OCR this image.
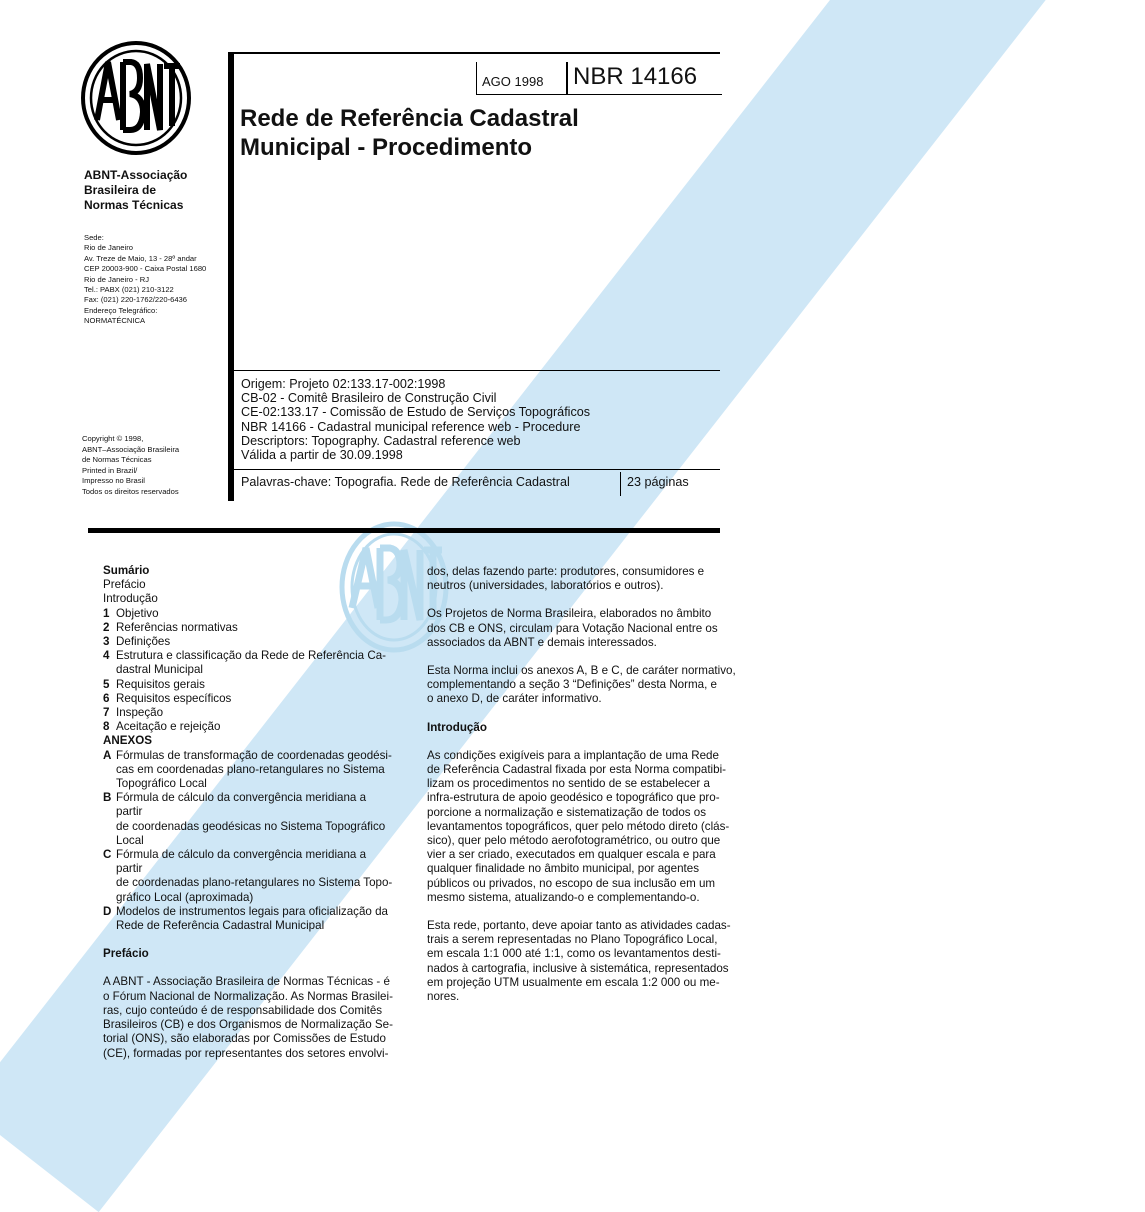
ABNT-Associação
Brasileira de
Normas Técnicas
Sede:
Rio de Janeiro
Av. Treze de Maio, 13 - 28º andar
CEP 20003-900 - Caixa Postal 1680
Rio de Janeiro - RJ
Tel.: PABX (021) 210-3122
Fax: (021) 220-1762/220-6436
Endereço Telegráfico:
NORMATÉCNICA
Copyright © 1998,
ABNT–Associação Brasileira
de Normas Técnicas
Printed in Brazil/
Impresso no Brasil
Todos os direitos reservados
AGO 1998 NBR 14166
Rede de Referência Cadastral
Municipal - Procedimento
Origem: Projeto 02:133.17-002:1998
CB-02 - Comitê Brasileiro de Construção Civil
CE-02:133.17 - Comissão de Estudo de Serviços Topográficos
NBR 14166 - Cadastral municipal reference web - Procedure
Descriptors: Topography. Cadastral reference web
Válida a partir de 30.09.1998
Palavras-chave: Topografia. Rede de Referência Cadastral	23 páginas
Sumário
Prefácio
Introdução
1 Objetivo
2 Referências normativas
3 Definições
4 Estrutura e classificação da Rede de Referência Ca-
dastral Municipal
5 Requisitos gerais
6 Requisitos específicos
7 Inspeção
8 Aceitação e rejeição
ANEXOS
A Fórmulas de transformação de coordenadas geodési-
cas em coordenadas plano-retangulares no Sistema
Topográfico Local
B Fórmula de cálculo da convergência meridiana a partir
de coordenadas geodésicas no Sistema Topográfico
Local
C Fórmula de cálculo da convergência meridiana a partir
de coordenadas plano-retangulares no Sistema Topo-
gráfico Local (aproximada)
D Modelos de instrumentos legais para oficialização da
Rede de Referência Cadastral Municipal
Prefácio
A ABNT - Associação Brasileira de Normas Técnicas - é
o Fórum Nacional de Normalização. As Normas Brasilei-
ras, cujo conteúdo é de responsabilidade dos Comitês
Brasileiros (CB) e dos Organismos de Normalização Se-
torial (ONS), são elaboradas por Comissões de Estudo
(CE), formadas por representantes dos setores envolvi-
dos, delas fazendo parte: produtores, consumidores e
neutros (universidades, laboratórios e outros).
Os Projetos de Norma Brasileira, elaborados no âmbito
dos CB e ONS, circulam para Votação Nacional entre os
associados da ABNT e demais interessados.
Esta Norma inclui os anexos A, B e C, de caráter normativo,
complementando a seção 3 “Definições” desta Norma, e
o anexo D, de caráter informativo.
Introdução
As condições exigíveis para a implantação de uma Rede
de Referência Cadastral fixada por esta Norma compatibi-
lizam os procedimentos no sentido de se estabelecer a
infra-estrutura de apoio geodésico e topográfico que pro-
porcione a normalização e sistematização de todos os
levantamentos topográficos, quer pelo método direto (clás-
sico), quer pelo método aerofotogramétrico, ou outro que
vier a ser criado, executados em qualquer escala e para
qualquer finalidade no âmbito municipal, por agentes
públicos ou privados, no escopo de sua inclusão em um
mesmo sistema, atualizando-o e complementando-o.
Esta rede, portanto, deve apoiar tanto as atividades cadas-
trais a serem representadas no Plano Topográfico Local,
em escala 1:1 000 até 1:1, como os levantamentos desti-
nados à cartografia, inclusive à sistemática, representados
em projeção UTM usualmente em escala 1:2 000 ou me-
nores.
